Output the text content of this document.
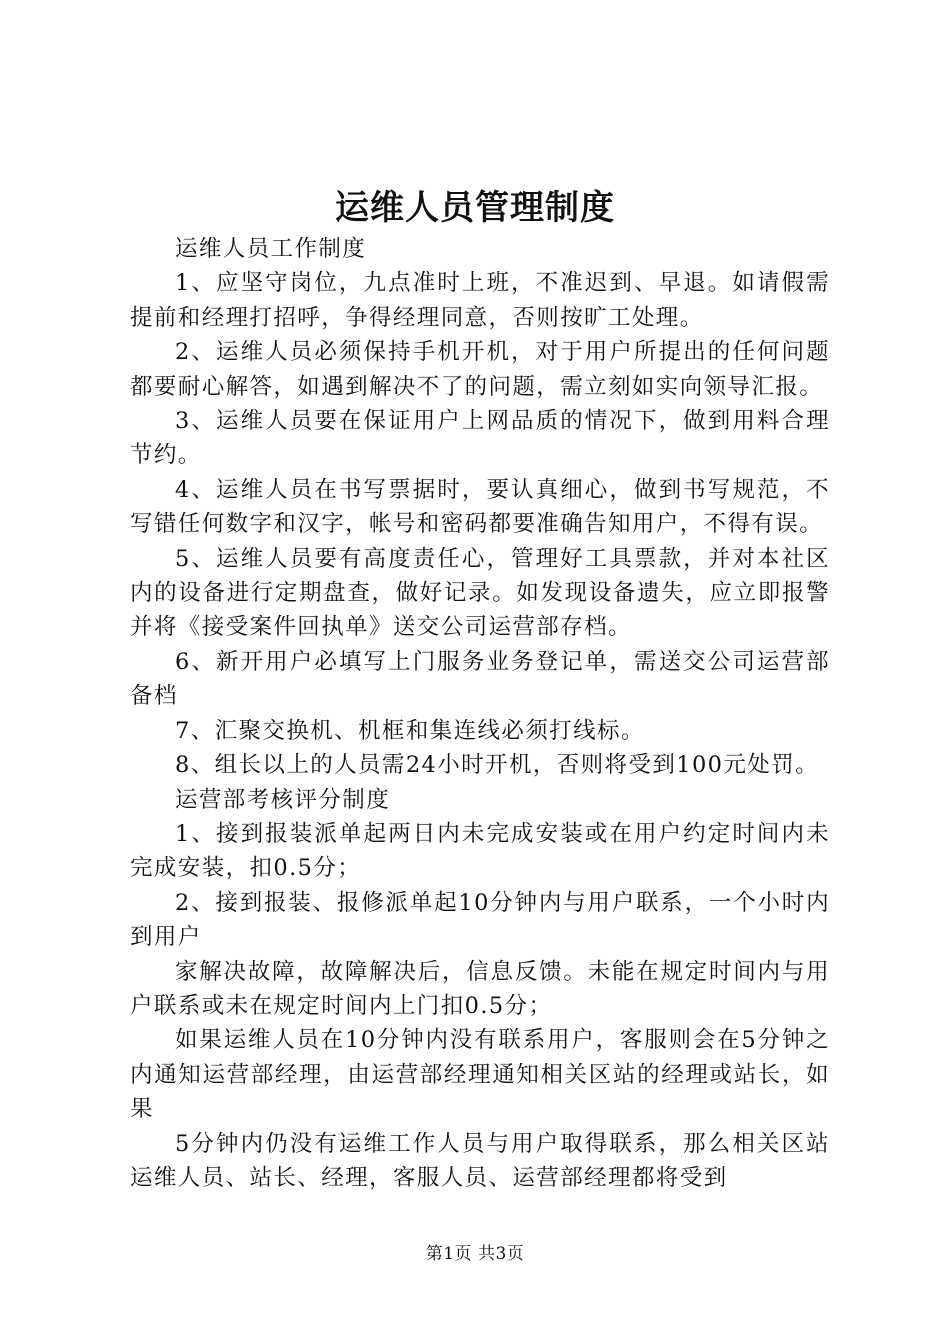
运维人员管理制度

运维人员工作制度

1、应坚守岗位，九点准时上班，不准迟到、早退。如请假需提前和经理打招呼，争得经理同意，否则按旷工处理。

2、运维人员必须保持手机开机，对于用户所提出的任何问题都要耐心解答，如遇到解决不了的问题，需立刻如实向领导汇报。

3、运维人员要在保证用户上网品质的情况下，做到用料合理节约。

4、运维人员在书写票据时，要认真细心，做到书写规范，不写错任何数字和汉字，帐号和密码都要准确告知用户，不得有误。

5、运维人员要有高度责任心，管理好工具票款，并对本社区内的设备进行定期盘查，做好记录。如发现设备遗失，应立即报警并将《接受案件回执单》送交公司运营部存档。

6、新开用户必填写上门服务业务登记单，需送交公司运营部备档

7、汇聚交换机、机框和集连线必须打线标。

8、组长以上的人员需24小时开机，否则将受到100元处罚。

运营部考核评分制度

1、接到报装派单起两日内未完成安装或在用户约定时间内未完成安装，扣0.5分；

2、接到报装、报修派单起10分钟内与用户联系，一个小时内到用户

家解决故障，故障解决后，信息反馈。未能在规定时间内与用户联系或未在规定时间内上门扣0.5分；

如果运维人员在10分钟内没有联系用户，客服则会在5分钟之内通知运营部经理，由运营部经理通知相关区站的经理或站长，如果

5分钟内仍没有运维工作人员与用户取得联系，那么相关区站运维人员、站长、经理，客服人员、运营部经理都将受到

第1页 共3页
